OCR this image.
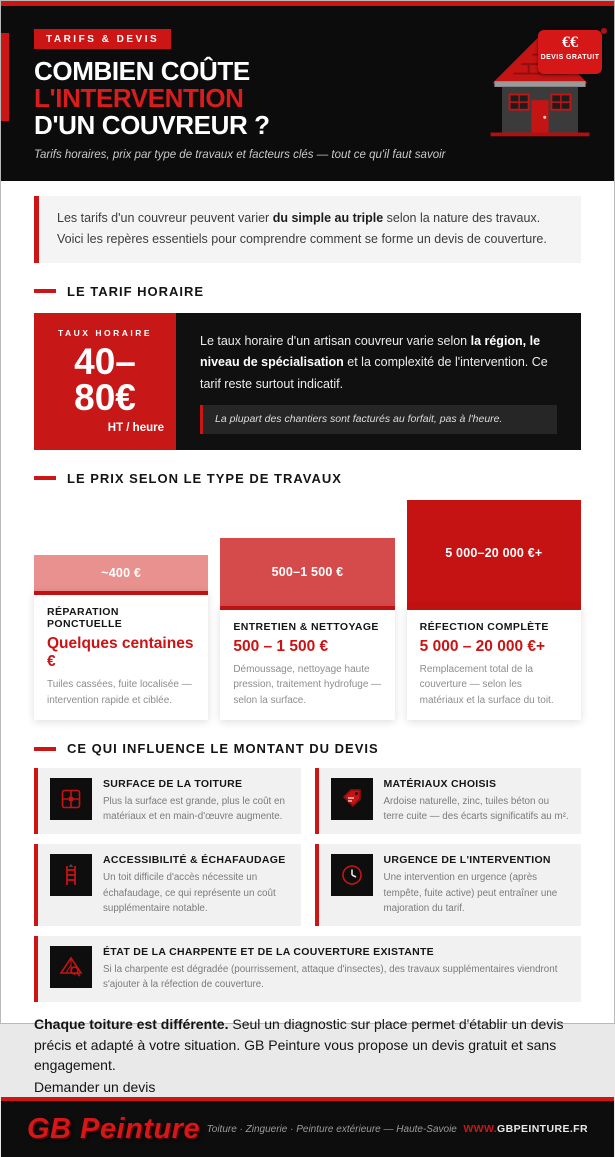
TARIFS & DEVIS
COMBIEN COÛTE L'INTERVENTION
D'UN COUVREUR ?
Tarifs horaires, prix par type de travaux et facteurs clés — tout ce qu'il faut savoir
€€
DEVIS GRATUIT
Les tarifs d'un couvreur peuvent varier du simple au triple selon la nature des travaux. Voici les repères essentiels pour comprendre comment se forme un devis de couverture.
LE TARIF HORAIRE
TAUX HORAIRE
40–80€
HT / heure
Le taux horaire d'un artisan couvreur varie selon la région, le niveau de spécialisation et la complexité de l'intervention. Ce tarif reste surtout indicatif.
La plupart des chantiers sont facturés au forfait, pas à l'heure.
LE PRIX SELON LE TYPE DE TRAVAUX
~400 €
RÉPARATION PONCTUELLE
Quelques centaines €
Tuiles cassées, fuite localisée — intervention rapide et ciblée.
500–1 500 €
ENTRETIEN & NETTOYAGE
500 – 1 500 €
Démoussage, nettoyage haute pression, traitement hydrofuge — selon la surface.
5 000–20 000 €+
RÉFECTION COMPLÈTE
5 000 – 20 000 €+
Remplacement total de la couverture — selon les matériaux et la surface du toit.
CE QUI INFLUENCE LE MONTANT DU DEVIS
SURFACE DE LA TOITURE
Plus la surface est grande, plus le coût en matériaux et en main-d'œuvre augmente.
MATÉRIAUX CHOISIS
Ardoise naturelle, zinc, tuiles béton ou terre cuite — des écarts significatifs au m².
ACCESSIBILITÉ & ÉCHAFAUDAGE
Un toit difficile d'accès nécessite un échafaudage, ce qui représente un coût supplémentaire notable.
URGENCE DE L'INTERVENTION
Une intervention en urgence (après tempête, fuite active) peut entraîner une majoration du tarif.
ÉTAT DE LA CHARPENTE ET DE LA COUVERTURE EXISTANTE
Si la charpente est dégradée (pourrissement, attaque d'insectes), des travaux supplémentaires viendront s'ajouter à la réfection de couverture.
Chaque toiture est différente. Seul un diagnostic sur place permet d'établir un devis précis et adapté à votre situation. GB Peinture vous propose un devis gratuit et sans engagement.
Demander un devis
GB Peinture Toiture · Zinguerie · Peinture extérieure — Haute-Savoie WWW.GBPEINTURE.FR
